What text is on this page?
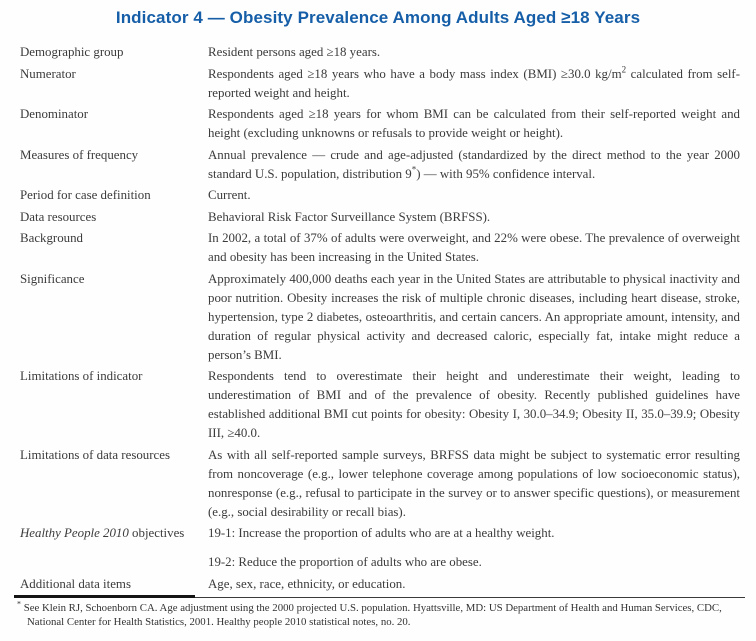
Indicator 4 — Obesity Prevalence Among Adults Aged ≥18 Years
Demographic group	Resident persons aged ≥18 years.

Numerator	Respondents aged ≥18 years who have a body mass index (BMI) ≥30.0 $kg/m^2$ calculated from self-reported weight and height.

Denominator	Respondents aged ≥18 years for whom BMI can be calculated from their self-reported weight and height (excluding unknowns or refusals to provide weight or height).

Measures of frequency	Annual prevalence — crude and age-adjusted (standardized by the direct method to the year 2000 standard U.S. population, distribution 9*) — with 95% confidence interval.

Period for case definition	Current.

Data resources	Behavioral Risk Factor Surveillance System (BRFSS).

Background	In 2002, a total of 37% of adults were overweight, and 22% were obese. The prevalence of overweight and obesity has been increasing in the United States.

Significance	Approximately 400,000 deaths each year in the United States are attributable to physical inactivity and poor nutrition. Obesity increases the risk of multiple chronic diseases, including heart disease, stroke, hypertension, type 2 diabetes, osteoarthritis, and certain cancers. An appropriate amount, intensity, and duration of regular physical activity and decreased caloric, especially fat, intake might reduce a person’s BMI.

Limitations of indicator	Respondents tend to overestimate their height and underestimate their weight, leading to underestimation of BMI and of the prevalence of obesity. Recently published guidelines have established additional BMI cut points for obesity: Obesity I, 30.0–34.9; Obesity II, 35.0–39.9; Obesity III, ≥40.0.

Limitations of data resources	As with all self-reported sample surveys, BRFSS data might be subject to systematic error resulting from noncoverage (e.g., lower telephone coverage among populations of low socioeconomic status), nonresponse (e.g., refusal to participate in the survey or to answer specific questions), or measurement (e.g., social desirability or recall bias).

Healthy People 2010 objectives	19-1: Increase the proportion of adults who are at a healthy weight.

19-2: Reduce the proportion of adults who are obese.

Additional data items	Age, sex, race, ethnicity, or education.

* See Klein RJ, Schoenborn CA. Age adjustment using the 2000 projected U.S. population. Hyattsville, MD: US Department of Health and Human Services, CDC, National Center for Health Statistics, 2001. Healthy people 2010 statistical notes, no. 20.
